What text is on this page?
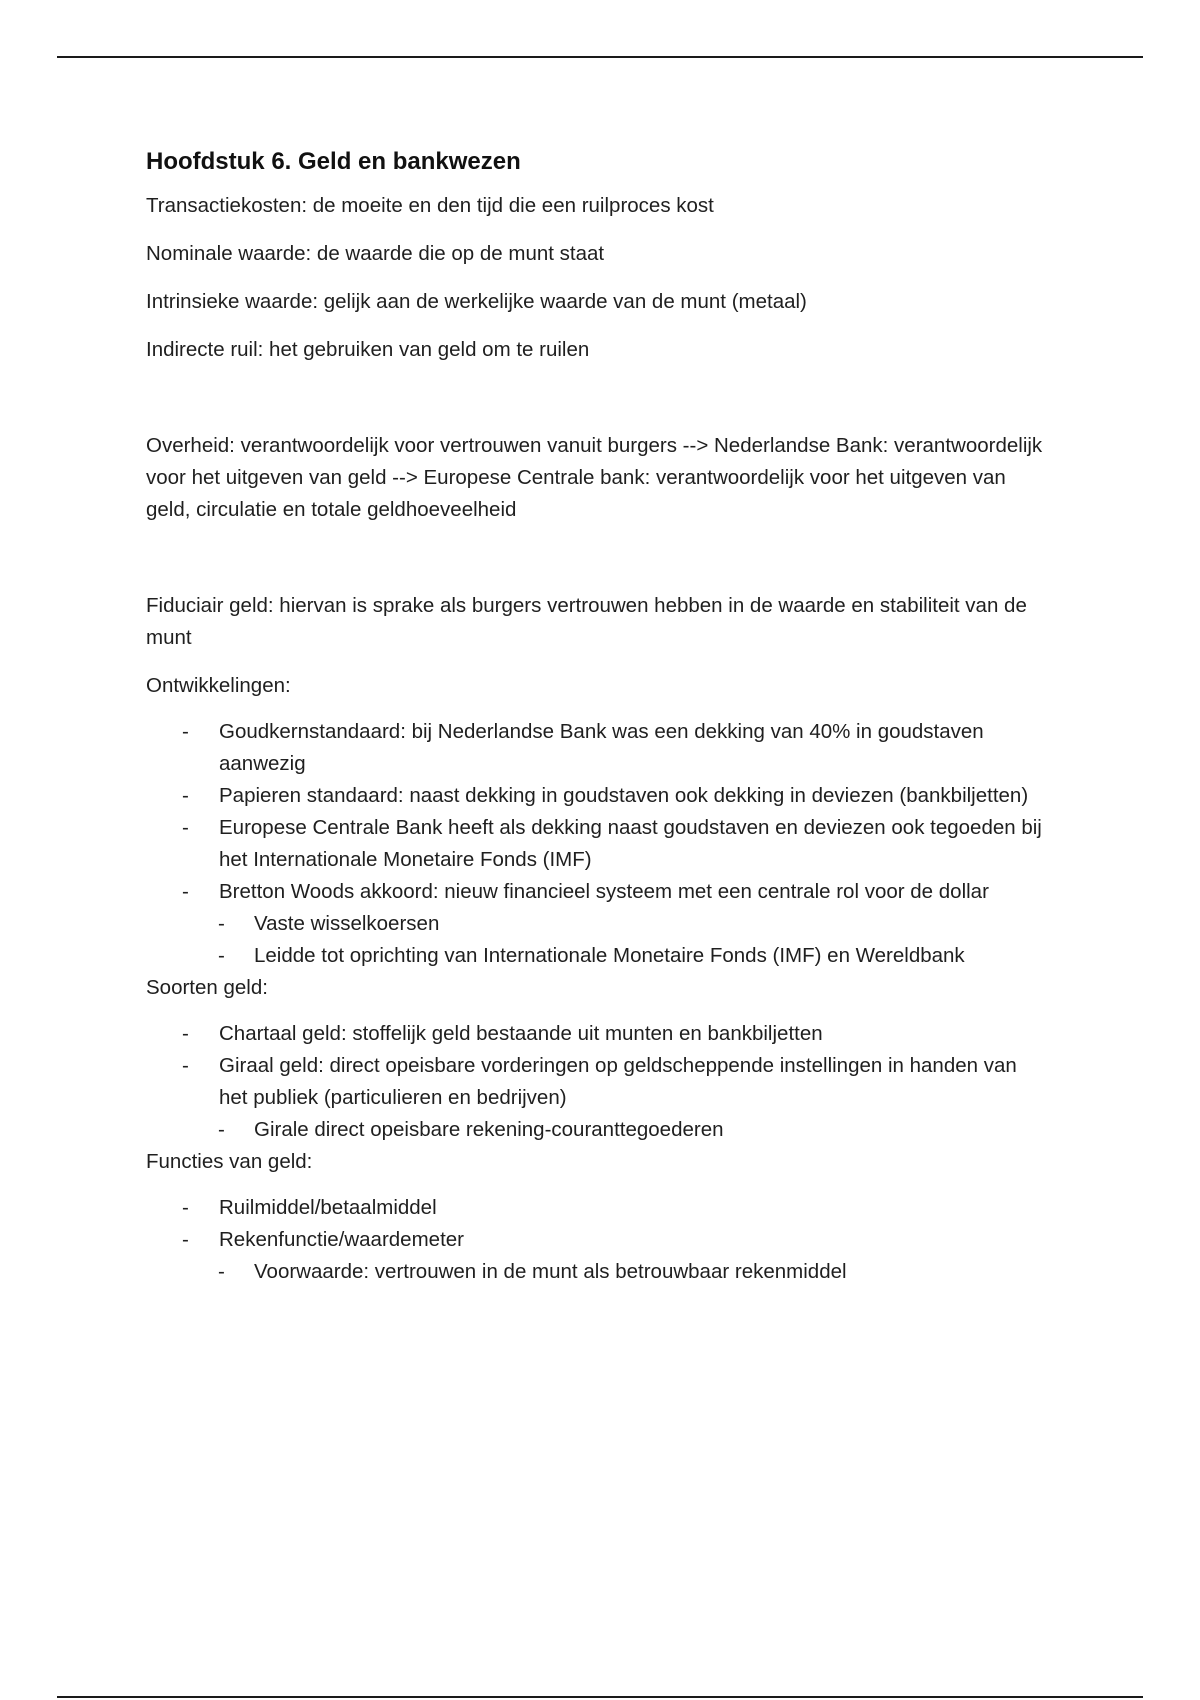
Hoofdstuk 6. Geld en bankwezen

Transactiekosten: de moeite en den tijd die een ruilproces kost

Nominale waarde: de waarde die op de munt staat

Intrinsieke waarde: gelijk aan de werkelijke waarde van de munt (metaal)

Indirecte ruil: het gebruiken van geld om te ruilen

Overheid: verantwoordelijk voor vertrouwen vanuit burgers --> Nederlandse Bank: verantwoordelijk voor het uitgeven van geld --> Europese Centrale bank: verantwoordelijk voor het uitgeven van geld, circulatie en totale geldhoeveelheid

Fiduciair geld: hiervan is sprake als burgers vertrouwen hebben in de waarde en stabiliteit van de munt

Ontwikkelingen:

- Goudkernstandaard: bij Nederlandse Bank was een dekking van 40% in goudstaven aanwezig
- Papieren standaard: naast dekking in goudstaven ook dekking in deviezen (bankbiljetten)
- Europese Centrale Bank heeft als dekking naast goudstaven en deviezen ook tegoeden bij het Internationale Monetaire Fonds (IMF)
- Bretton Woods akkoord: nieuw financieel systeem met een centrale rol voor de dollar
- Vaste wisselkoersen
- Leidde tot oprichting van Internationale Monetaire Fonds (IMF) en Wereldbank

Soorten geld:

- Chartaal geld: stoffelijk geld bestaande uit munten en bankbiljetten
- Giraal geld: direct opeisbare vorderingen op geldscheppende instellingen in handen van het publiek (particulieren en bedrijven)
- Girale direct opeisbare rekening-couranttegoederen

Functies van geld:

- Ruilmiddel/betaalmiddel
- Rekenfunctie/waardemeter
- Voorwaarde: vertrouwen in de munt als betrouwbaar rekenmiddel
